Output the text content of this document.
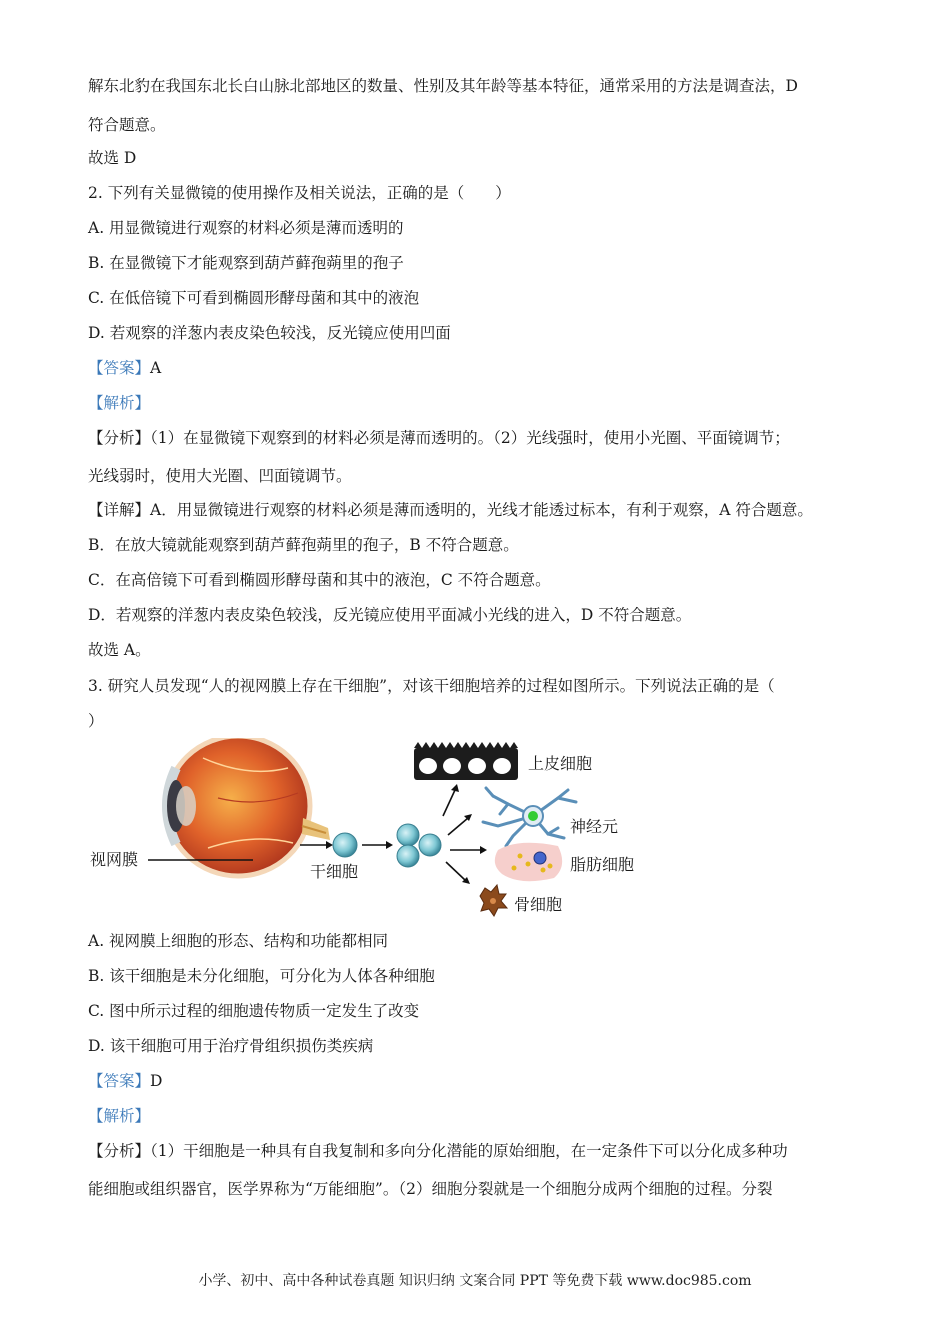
解东北豹在我国东北长白山脉北部地区的数量、性别及其年龄等基本特征，通常采用的方法是调查法，D
符合题意。
故选 D
2. 下列有关显微镜的使用操作及相关说法，正确的是（　　）
A. 用显微镜进行观察的材料必须是薄而透明的
B. 在显微镜下才能观察到葫芦藓孢蒴里的孢子
C. 在低倍镜下可看到椭圆形酵母菌和其中的液泡
D. 若观察的洋葱内表皮染色较浅，反光镜应使用凹面
【答案】A
【解析】
【分析】（1）在显微镜下观察到的材料必须是薄而透明的。（2）光线强时，使用小光圈、平面镜调节；
光线弱时，使用大光圈、凹面镜调节。
【详解】A．用显微镜进行观察的材料必须是薄而透明的，光线才能透过标本，有利于观察，A 符合题意。
B．在放大镜就能观察到葫芦藓孢蒴里的孢子，B 不符合题意。
C．在高倍镜下可看到椭圆形酵母菌和其中的液泡，C 不符合题意。
D．若观察的洋葱内表皮染色较浅，反光镜应使用平面减小光线的进入，D 不符合题意。
故选 A。
3. 研究人员发现“人的视网膜上存在干细胞”，对该干细胞培养的过程如图所示。下列说法正确的是（
）
视网膜
干细胞
上皮细胞
神经元
脂肪细胞
骨细胞
A. 视网膜上细胞的形态、结构和功能都相同
B. 该干细胞是未分化细胞，可分化为人体各种细胞
C. 图中所示过程的细胞遗传物质一定发生了改变
D. 该干细胞可用于治疗骨组织损伤类疾病
【答案】D
【解析】
【分析】（1）干细胞是一种具有自我复制和多向分化潜能的原始细胞，在一定条件下可以分化成多种功
能细胞或组织器官，医学界称为“万能细胞”。（2）细胞分裂就是一个细胞分成两个细胞的过程。分裂
小学、初中、高中各种试卷真题 知识归纳 文案合同 PPT 等免费下载 www.doc985.com
